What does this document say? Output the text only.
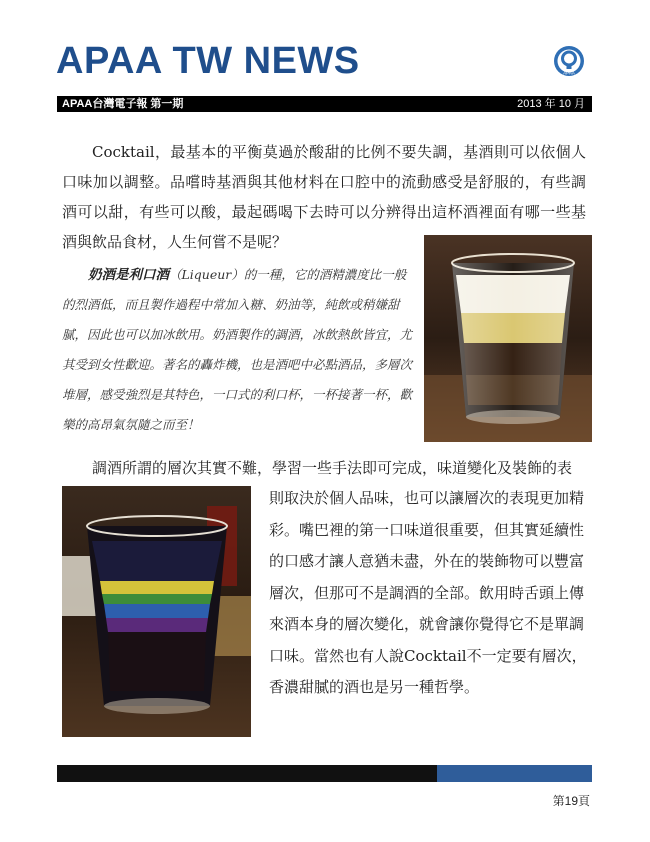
APAA TW NEWS	APAA
APAA台灣電子報 第一期	2013 年 10 月
Cocktail，最基本的平衡莫過於酸甜的比例不要失調，基酒則可以依個人口味加以調整。品嚐時基酒與其他材料在口腔中的流動感受是舒服的，有些調酒可以甜，有些可以酸，最起碼喝下去時可以分辨得出這杯酒裡面有哪一些基酒與飲品食材，人生何嘗不是呢？
奶酒是利口酒（Liqueur）的一種，它的酒精濃度比一般的烈酒低，而且製作過程中常加入糖、奶油等，純飲或稍嫌甜膩，因此也可以加冰飲用。奶酒製作的調酒，冰飲熱飲皆宜，尤其受到女性歡迎。著名的轟炸機，也是酒吧中必點酒品，多層次堆層，感受強烈是其特色，一口式的利口杯，一杯接著一杯，歡樂的高昂氣氛隨之而至！
調酒所謂的層次其實不難，學習一些手法即可完成，味道變化及裝飾的表
則取決於個人品味，也可以讓層次的表現更加精彩。嘴巴裡的第一口味道很重要，但其實延續性的口感才讓人意猶未盡，外在的裝飾物可以豐富層次，但那可不是調酒的全部。飲用時舌頭上傳來酒本身的層次變化，就會讓你覺得它不是單調口味。當然也有人說Cocktail不一定要有層次，香濃甜膩的酒也是另一種哲學。
第19頁
